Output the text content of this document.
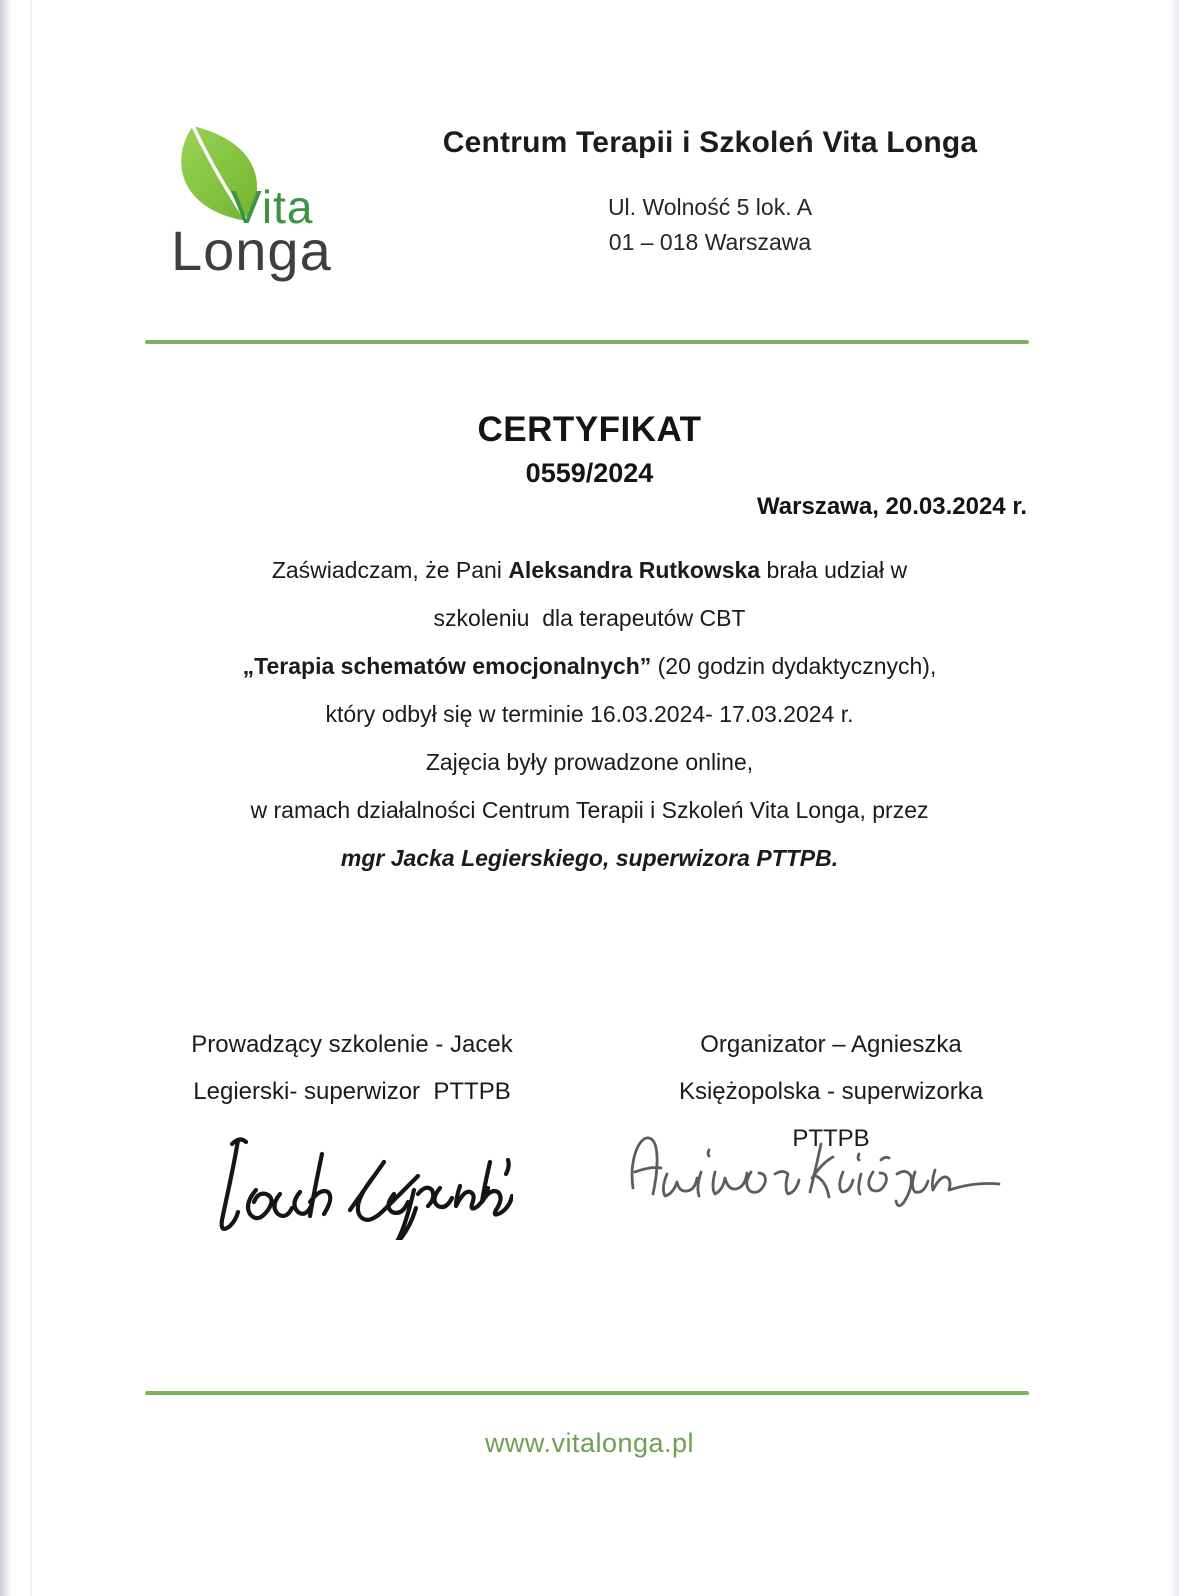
Vita
Longa
Centrum Terapii i Szkoleń Vita Longa
Ul. Wolność 5 lok. A
01 – 018 Warszawa
CERTYFIKAT
0559/2024
Warszawa, 20.03.2024 r.
Zaświadczam, że Pani Aleksandra Rutkowska brała udział w
szkoleniu  dla terapeutów CBT
„Terapia schematów emocjonalnych” (20 godzin dydaktycznych),
który odbył się w terminie 16.03.2024- 17.03.2024 r.
Zajęcia były prowadzone online,
w ramach działalności Centrum Terapii i Szkoleń Vita Longa, przez
mgr Jacka Legierskiego, superwizora PTTPB.
Prowadzący szkolenie - Jacek
Legierski- superwizor  PTTPB
Organizator – Agnieszka
Księżopolska - superwizorka PTTPB
www.vitalonga.pl
